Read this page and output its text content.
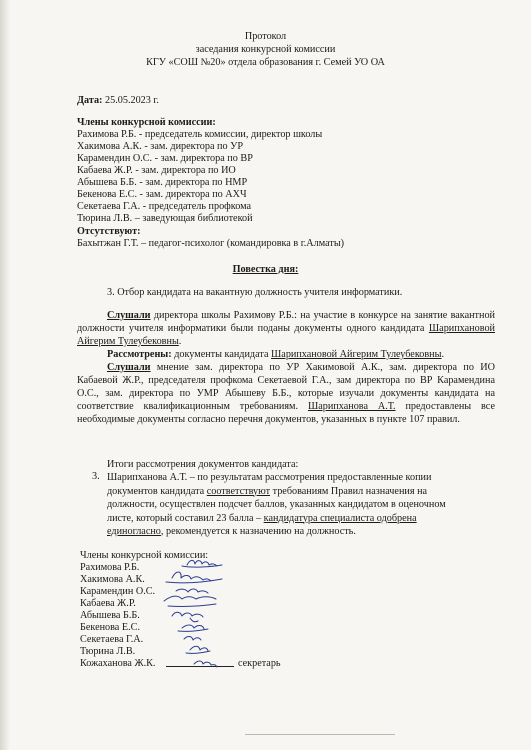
Протокол
заседания конкурсной комиссии
КГУ «СОШ №20» отдела образования г. Семей УО ОА
Дата: 25.05.2023 г.
Члены конкурсной комиссии:
Рахимова Р.Б. - председатель комиссии, директор школы
Хакимова А.К. - зам. директора по УР
Карамендин О.С. - зам. директора по ВР
Кабаева Ж.Р. - зам. директора по ИО
Абышева Б.Б. - зам. директора по НМР
Бекенова Е.С. - зам. директора по АХЧ
Секетаева Г.А. - председатель профкома
Тюрина Л.В. – заведующая библиотекой
Отсутствуют:
Бахытжан Г.Т. – педагог-психолог (командировка в г.Алматы)
Повестка дня:
3. Отбор кандидата на вакантную должность учителя информатики.
Слушали директора школы Рахимову Р.Б.: на участие в конкурсе на занятие вакантной должности учителя информатики были поданы документы одного кандидата Шарипхановой Айгерим Тулеубековны.
Рассмотрены: документы кандидата Шарипхановой Айгерим Тулеубековны.
Слушали мнение зам. директора по УР Хакимовой А.К., зам. директора по ИО Кабаевой Ж.Р., председателя профкома Секетаевой Г.А., зам директора по ВР Карамендина О.С., зам. директора по УМР Абышеву Б.Б., которые изучали документы кандидата на соответствие квалификационным требованиям. Шарипханова А.Т. предоставлены все необходимые документы согласно перечня документов, указанных в пункте 107 правил.
Итоги рассмотрения документов кандидата:
3. Шарипханова А.Т. – по результатам рассмотрения предоставленные копии документов кандидата соответствуют требованиям Правил назначения на должности, осуществлен подсчет баллов, указанных кандидатом в оценочном листе, который составил 23 балла – кандидатура специалиста одобрена единогласно, рекомендуется к назначению на должность.
Члены конкурсной комиссии:
Рахимова Р.Б.
Хакимова А.К.
Карамендин О.С.
Кабаева Ж.Р.
Абышева Б.Б.
Бекенова Е.С.
Секетаева Г.А.
Тюрина Л.В.
Кожаханова Ж.К.	секретарь
